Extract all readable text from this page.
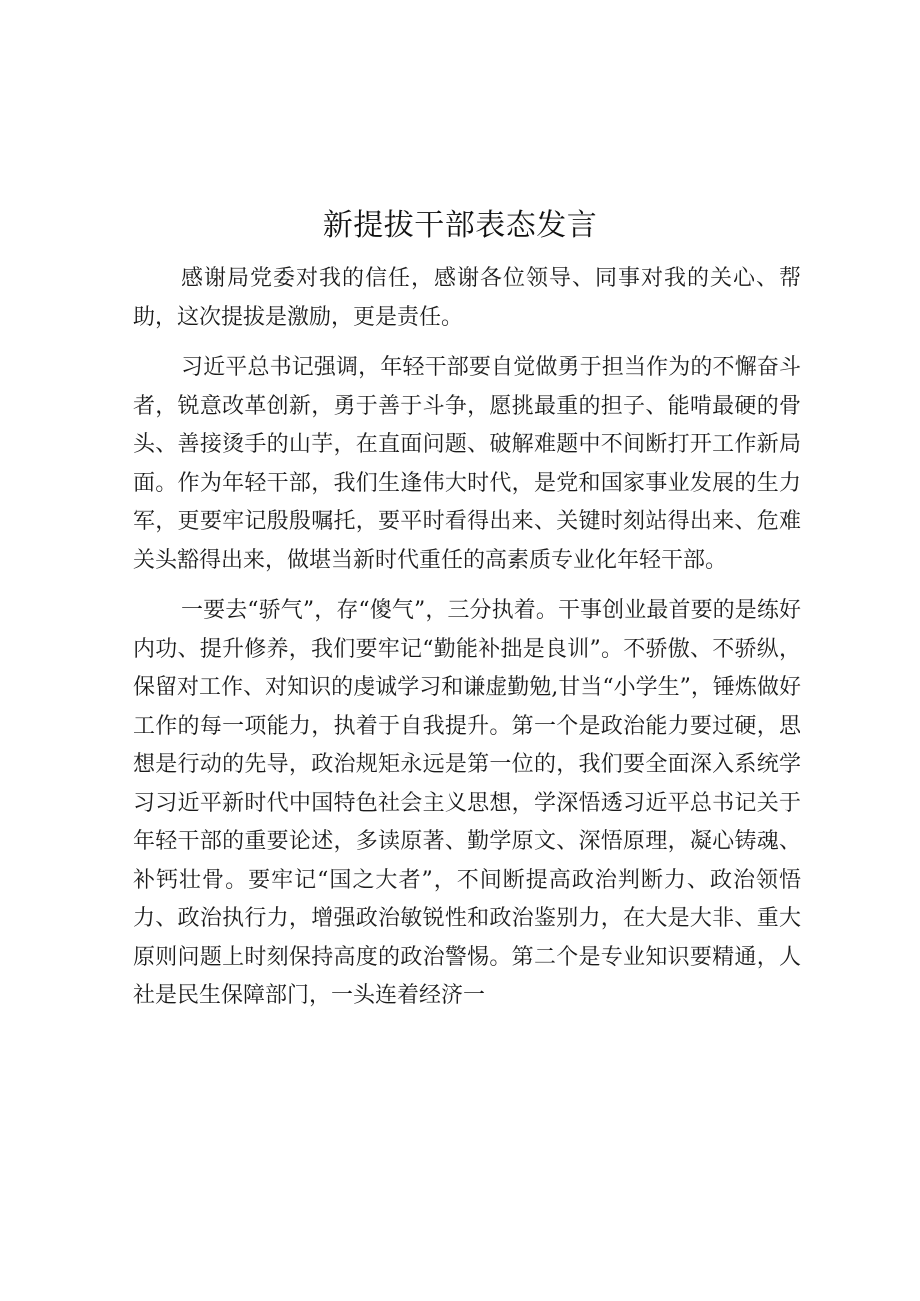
新提拔干部表态发言

感谢局党委对我的信任，感谢各位领导、同事对我的关心、帮助，这次提拔是激励，更是责任。

习近平总书记强调，年轻干部要自觉做勇于担当作为的不懈奋斗者，锐意改革创新，勇于善于斗争，愿挑最重的担子、能啃最硬的骨头、善接烫手的山芋，在直面问题、破解难题中不间断打开工作新局面。作为年轻干部，我们生逢伟大时代，是党和国家事业发展的生力军，更要牢记殷殷嘱托，要平时看得出来、关键时刻站得出来、危难关头豁得出来，做堪当新时代重任的高素质专业化年轻干部。

一要去“骄气”，存“傻气”，三分执着。干事创业最首要的是练好内功、提升修养，我们要牢记“勤能补拙是良训”。不骄傲、不骄纵，保留对工作、对知识的虔诚学习和谦虚勤勉,甘当“小学生”，锤炼做好工作的每一项能力，执着于自我提升。第一个是政治能力要过硬，思想是行动的先导，政治规矩永远是第一位的，我们要全面深入系统学习习近平新时代中国特色社会主义思想，学深悟透习近平总书记关于年轻干部的重要论述，多读原著、勤学原文、深悟原理，凝心铸魂、补钙壮骨。要牢记“国之大者”，不间断提高政治判断力、政治领悟力、政治执行力，增强政治敏锐性和政治鉴别力，在大是大非、重大原则问题上时刻保持高度的政治警惕。第二个是专业知识要精通，人社是民生保障部门，一头连着经济一
